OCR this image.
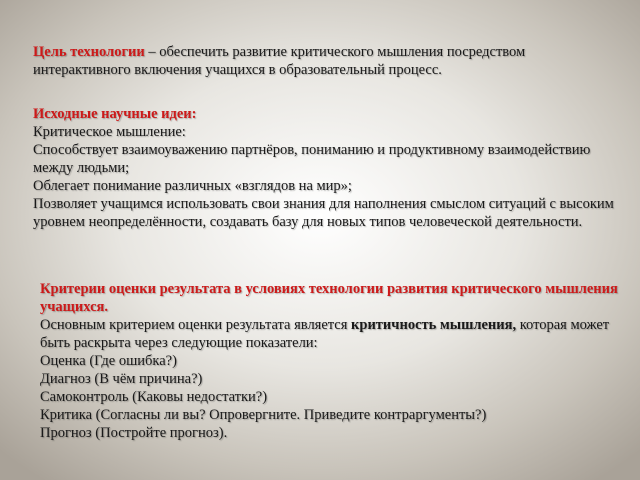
Цель технологии – обеспечить развитие критического мышления посредством интерактивного включения учащихся в образовательный процесс.
Исходные научные идеи:
Критическое мышление:
Способствует взаимоуважению партнёров, пониманию и продуктивному взаимодействию между людьми;
Облегает понимание различных «взглядов на мир»;
Позволяет учащимся использовать свои знания для наполнения смыслом ситуаций с высоким уровнем неопределённости, создавать базу для новых типов человеческой деятельности.
Критерии оценки результата в условиях технологии развития критического мышления учащихся.
Основным критерием оценки результата является критичность мышления, которая может быть раскрыта через следующие показатели:
Оценка (Где ошибка?)
Диагноз (В чём причина?)
Самоконтроль (Каковы недостатки?)
Критика (Согласны ли вы? Опровергните. Приведите контраргументы?)
Прогноз (Постройте прогноз).
